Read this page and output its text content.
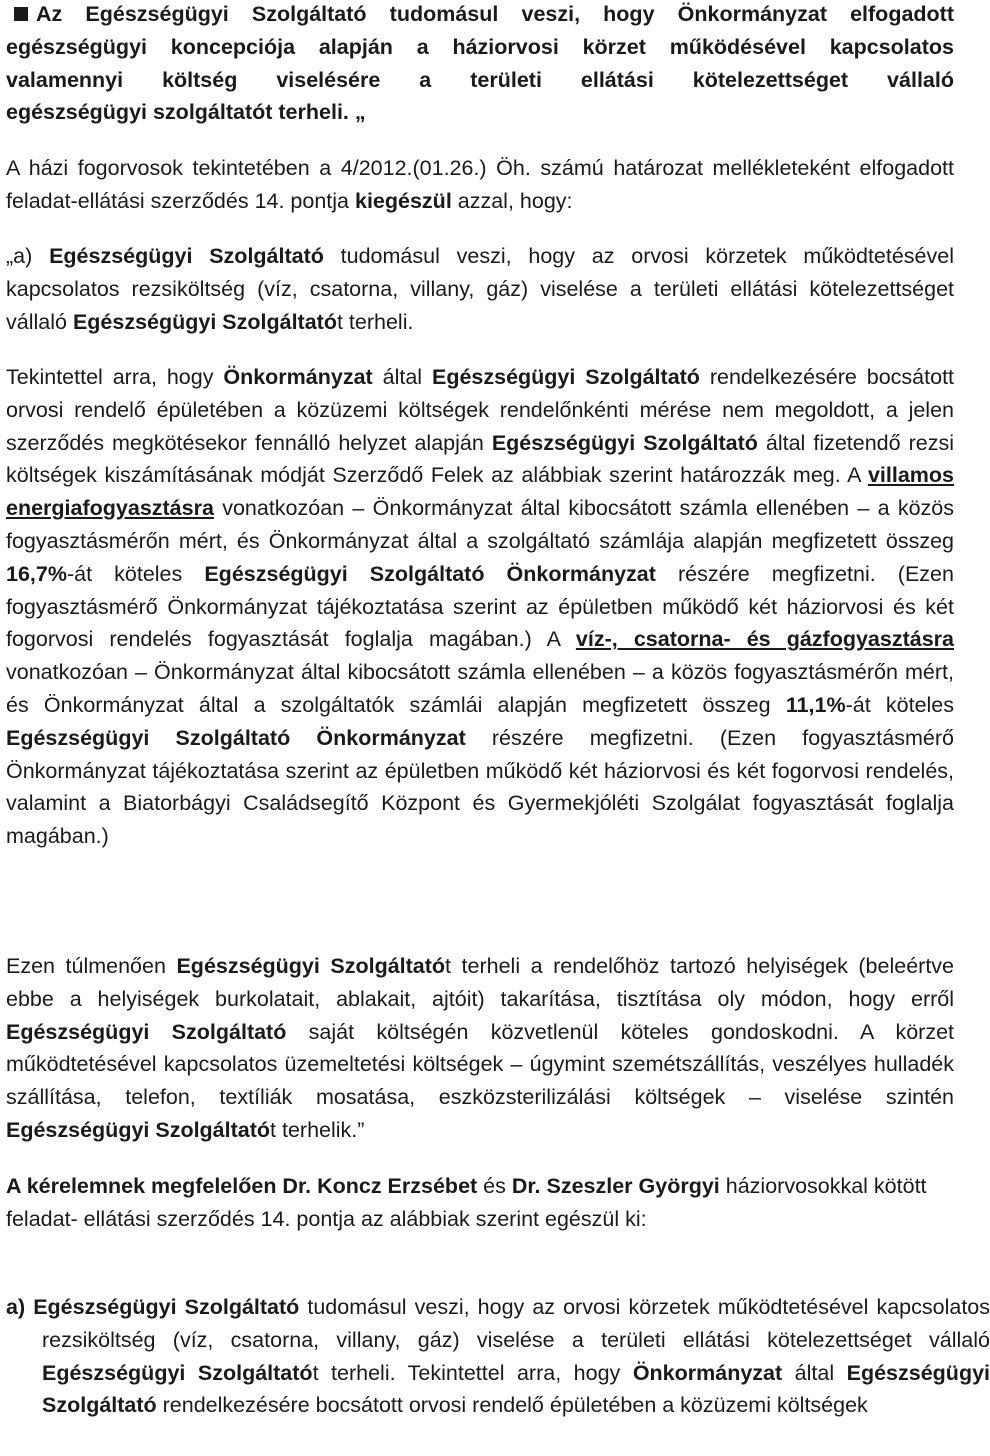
Az Egészségügyi Szolgáltató tudomásul veszi, hogy Önkormányzat elfogadott
egészségügyi koncepciója alapján a háziorvosi körzet működésével kapcsolatos
valamennyi költség viselésére a területi ellátási kötelezettséget vállaló
egészségügyi szolgáltatót terheli. „
A házi fogorvosok tekintetében a 4/2012.(01.26.) Öh. számú határozat mellékleteként elfogadott feladat-ellátási szerződés 14. pontja kiegészül azzal, hogy:
„a) Egészségügyi Szolgáltató tudomásul veszi, hogy az orvosi körzetek működtetésével kapcsolatos rezsiköltség (víz, csatorna, villany, gáz) viselése a területi ellátási kötelezettséget vállaló Egészségügyi Szolgáltatót terheli.
Tekintettel arra, hogy Önkormányzat által Egészségügyi Szolgáltató rendelkezésére bocsátott orvosi rendelő épületében a közüzemi költségek rendelőnkénti mérése nem megoldott, a jelen szerződés megkötésekor fennálló helyzet alapján Egészségügyi Szolgáltató által fizetendő rezsi költségek kiszámításának módját Szerződő Felek az alábbiak szerint határozzák meg. A villamos energiafogyasztásra vonatkozóan – Önkormányzat által kibocsátott számla ellenében – a közös fogyasztásmérőn mért, és Önkormányzat által a szolgáltató számlája alapján megfizetett összeg 16,7%-át köteles Egészségügyi Szolgáltató Önkormányzat részére megfizetni. (Ezen fogyasztásmérő Önkormányzat tájékoztatása szerint az épületben működő két háziorvosi és két fogorvosi rendelés fogyasztását foglalja magában.) A víz-, csatorna- és gázfogyasztásra vonatkozóan – Önkormányzat által kibocsátott számla ellenében – a közös fogyasztásmérőn mért, és Önkormányzat által a szolgáltatók számlái alapján megfizetett összeg 11,1%-át köteles Egészségügyi Szolgáltató Önkormányzat részére megfizetni. (Ezen fogyasztásmérő Önkormányzat tájékoztatása szerint az épületben működő két háziorvosi és két fogorvosi rendelés, valamint a Biatorbágyi Családsegítő Központ és Gyermekjóléti Szolgálat fogyasztását foglalja magában.)
Ezen túlmenően Egészségügyi Szolgáltatót terheli a rendelőhöz tartozó helyiségek (beleértve ebbe a helyiségek burkolatait, ablakait, ajtóit) takarítása, tisztítása oly módon, hogy erről Egészségügyi Szolgáltató saját költségén közvetlenül köteles gondoskodni. A körzet működtetésével kapcsolatos üzemeltetési költségek – úgymint szemétszállítás, veszélyes hulladék szállítása, telefon, textíliák mosatása, eszközsterilizálási költségek – viselése szintén Egészségügyi Szolgáltatót terhelik.”
A kérelemnek megfelelően Dr. Koncz Erzsébet és Dr. Szeszler Györgyi háziorvosokkal kötött feladat- ellátási szerződés 14. pontja az alábbiak szerint egészül ki:
a) Egészségügyi Szolgáltató tudomásul veszi, hogy az orvosi körzetek működtetésével kapcsolatos rezsiköltség (víz, csatorna, villany, gáz) viselése a területi ellátási kötelezettséget vállaló Egészségügyi Szolgáltatót terheli. Tekintettel arra, hogy Önkormányzat által Egészségügyi Szolgáltató rendelkezésére bocsátott orvosi rendelő épületében a közüzemi költségek
